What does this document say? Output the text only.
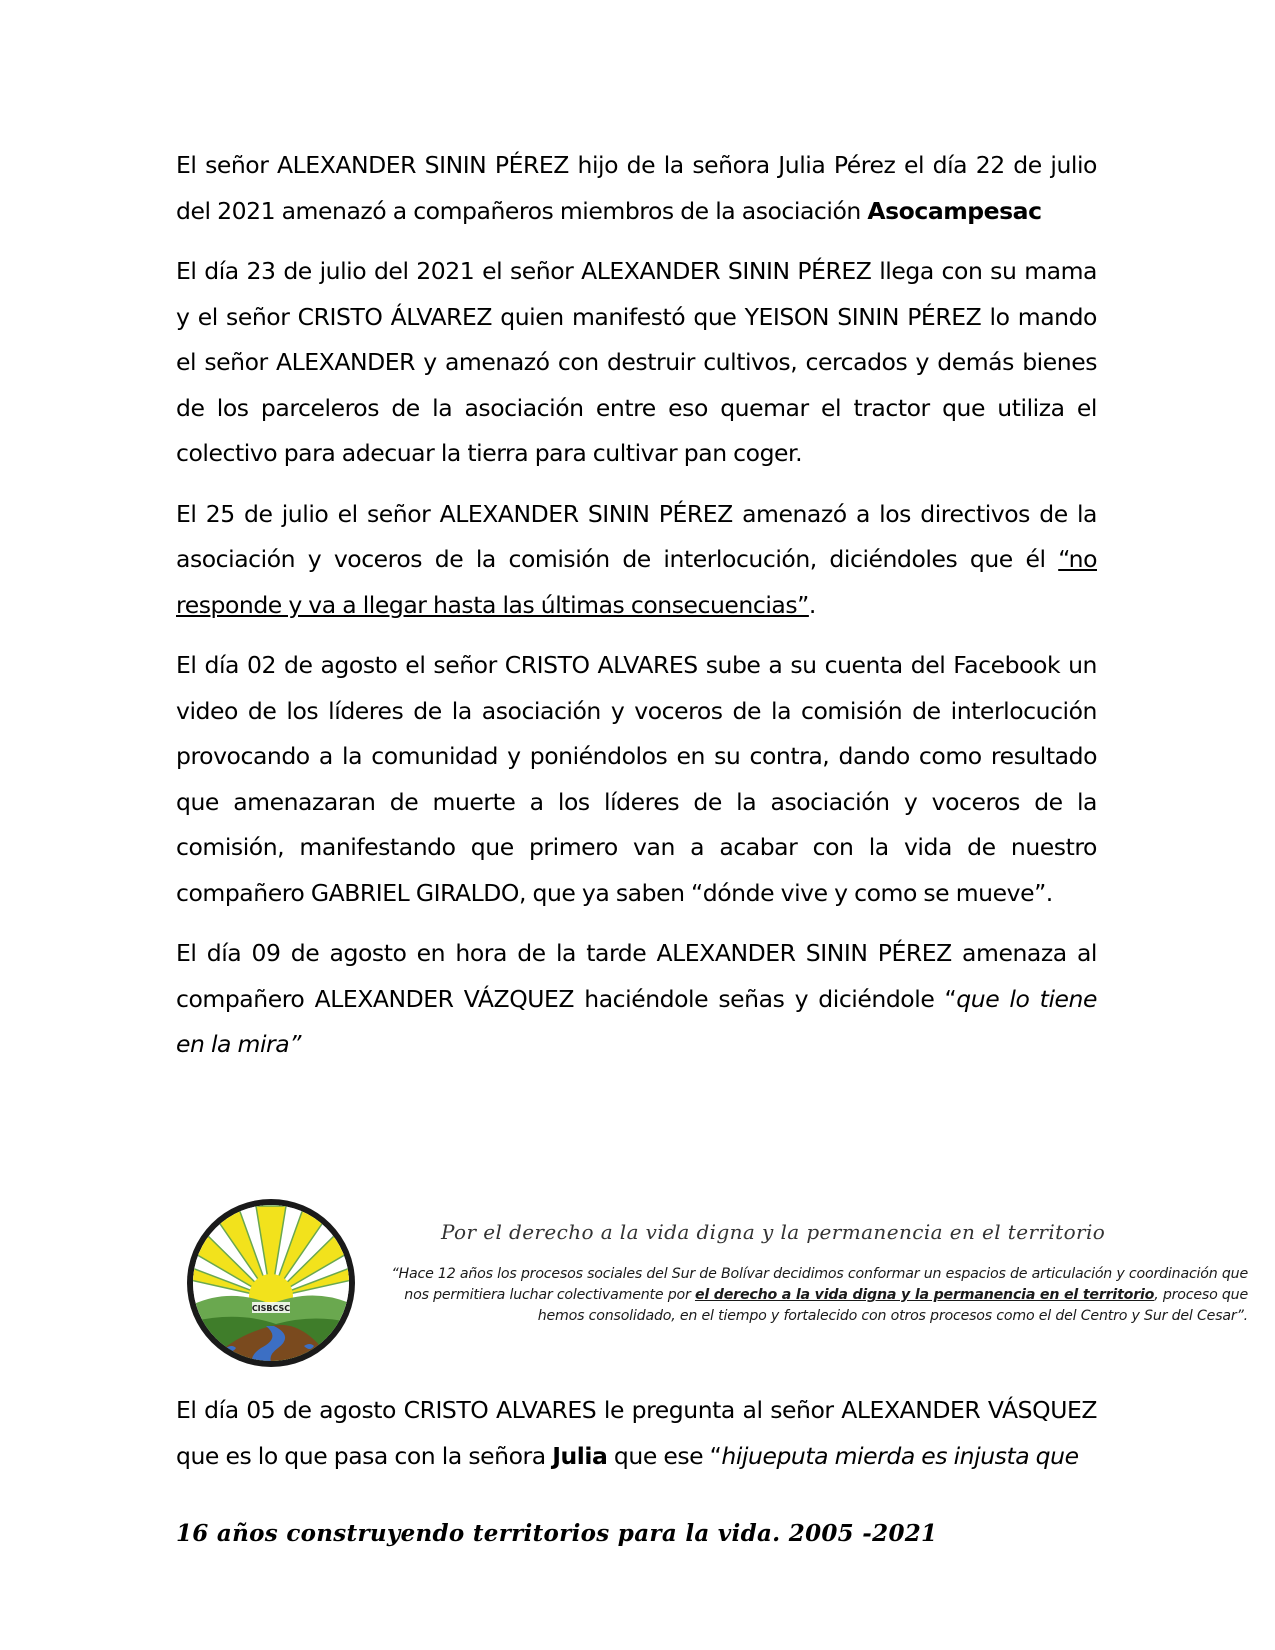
El señor ALEXANDER SININ PÉREZ hijo de la señora Julia Pérez el día 22 de julio del 2021 amenazó a compañeros miembros de la asociación Asocampesac

El día 23 de julio del 2021 el señor ALEXANDER SININ PÉREZ llega con su mama y el señor CRISTO ÁLVAREZ quien manifestó que YEISON SININ PÉREZ lo mando el señor ALEXANDER y amenazó con destruir cultivos, cercados y demás bienes de los parceleros de la asociación entre eso quemar el tractor que utiliza el colectivo para adecuar la tierra para cultivar pan coger.

El 25 de julio el señor ALEXANDER SININ PÉREZ amenazó a los directivos de la asociación y voceros de la comisión de interlocución, diciéndoles que él “no responde y va a llegar hasta las últimas consecuencias”.

El día 02 de agosto el señor CRISTO ALVARES sube a su cuenta del Facebook un video de los líderes de la asociación y voceros de la comisión de interlocución provocando a la comunidad y poniéndolos en su contra, dando como resultado que amenazaran de muerte a los líderes de la asociación y voceros de la comisión, manifestando que primero van a acabar con la vida de nuestro compañero GABRIEL GIRALDO, que ya saben “dónde vive y como se mueve”.

El día 09 de agosto en hora de la tarde ALEXANDER SININ PÉREZ amenaza al compañero ALEXANDER VÁZQUEZ haciéndole señas y diciéndole “que lo tiene en la mira”

CISBCSC
Por el derecho a la vida digna y la permanencia en el territorio
“Hace 12 años los procesos sociales del Sur de Bolívar decidimos conformar un espacios de articulación y coordinación que nos permitiera luchar colectivamente por el derecho a la vida digna y la permanencia en el territorio, proceso que hemos consolidado, en el tiempo y fortalecido con otros procesos como el del Centro y Sur del Cesar”.

El día 05 de agosto CRISTO ALVARES le pregunta al señor ALEXANDER VÁSQUEZ que es lo que pasa con la señora Julia que ese “hijueputa mierda es injusta que

16 años construyendo territorios para la vida. 2005 -2021
